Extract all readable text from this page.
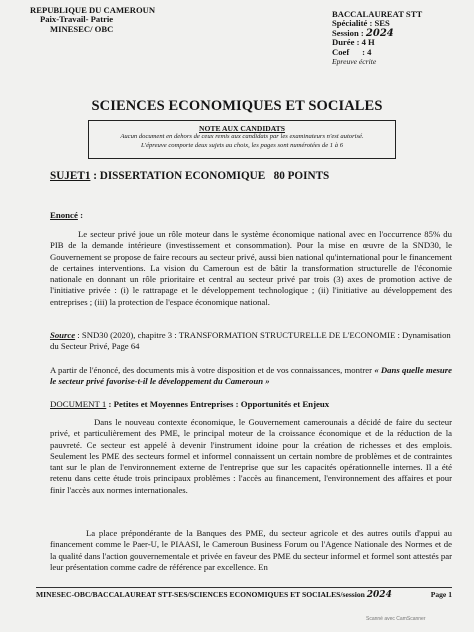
REPUBLIQUE DU CAMEROUN
Paix-Travail- Patrie
MINESEC/ OBC
BACCALAUREAT STT
Spécialité : SES
Session : 2024
Durée : 4 H
Coef      : 4
Epreuve écrite
SCIENCES ECONOMIQUES ET SOCIALES
NOTE AUX CANDIDATS
Aucun document en dehors de ceux remis aux candidats par les examinateurs n'est autorisé.
L'épreuve comporte deux sujets au choix, les pages sont numérotées de 1 à 6
SUJET1 : DISSERTATION ECONOMIQUE   80 POINTS
Enoncé :

Le secteur privé joue un rôle moteur dans le système économique national avec en l'occurrence 85% du PIB de la demande intérieure (investissement et consommation). Pour la mise en œuvre de la SND30, le Gouvernement se propose de faire recours au secteur privé, aussi bien national qu'international pour le financement de certaines interventions. La vision du Cameroun est de bâtir la transformation structurelle de l'économie nationale en donnant un rôle prioritaire et central au secteur privé par trois (3) axes de promotion active de l'initiative privée : (i) le rattrapage et le développement technologique ; (ii) l'initiative au développement des entreprises ; (iii) la protection de l'espace économique national.

Source : SND30 (2020), chapitre 3 : TRANSFORMATION STRUCTURELLE DE L'ECONOMIE : Dynamisation du Secteur Privé, Page 64
A partir de l'énoncé, des documents mis à votre disposition et de vos connaissances, montrer « Dans quelle mesure le secteur privé favorise-t-il le développement du Cameroun »
DOCUMENT 1 : Petites et Moyennes Entreprises : Opportunités et Enjeux

Dans le nouveau contexte économique, le Gouvernement camerounais a décidé de faire du secteur privé, et particulièrement des PME, le principal moteur de la croissance économique et de la réduction de la pauvreté. Ce secteur est appelé à devenir l'instrument idoine pour la création de richesses et des emplois. Seulement les PME des secteurs formel et informel connaissent un certain nombre de problèmes et de contraintes tant sur le plan de l'environnement externe de l'entreprise que sur les capacités opérationnelle internes. Il a été retenu dans cette étude trois principaux problèmes : l'accès au financement, l'environnement des affaires et pour finir l'accès aux normes internationales.

La place prépondérante de la Banques des PME, du secteur agricole et des autres outils d'appui au financement comme le Paer-U, le PIAASI, le Cameroun Business Forum ou l'Agence Nationale des Normes et de la qualité dans l'action gouvernementale et privée en faveur des PME du secteur informel et formel sont attestés par leur présentation comme cadre de référence par excellence. En

MINESEC-OBC/BACCALAUREAT STT-SES/SCIENCES ECONOMIQUES ET SOCIALES/session 2024	Page 1
Scanné avec CamScanner
